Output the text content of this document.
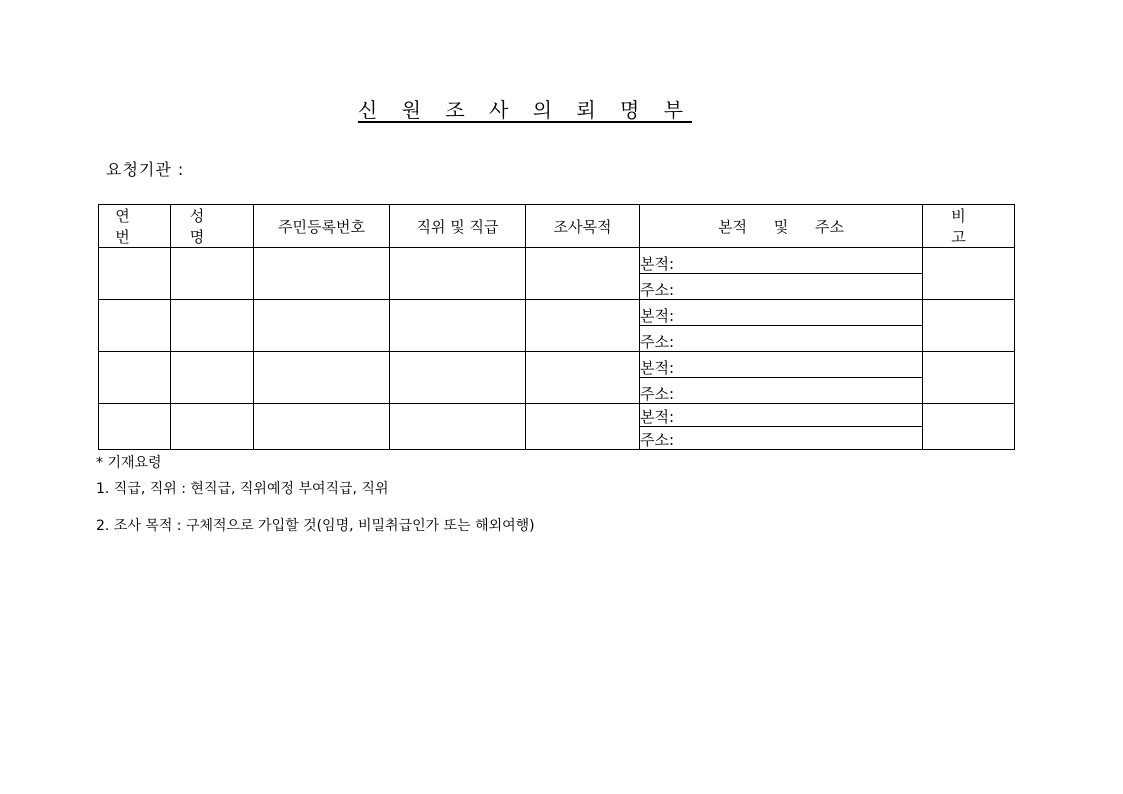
신 원 조 사 의 뢰 명 부
요청기관 :
연 번	성 명	주민등록번호	직위 및 직급	조사목적	본적 및 주소	비 고
					본적:	
					주소:	
					본적:	
					주소:	
					본적:	
					주소:	
					본적:	
					주소:	
* 기재요령
1. 직급, 직위 : 현직급, 직위예정 부여직급, 직위
2. 조사 목적 : 구체적으로 가입할 것(임명, 비밀취급인가 또는 해외여행)
